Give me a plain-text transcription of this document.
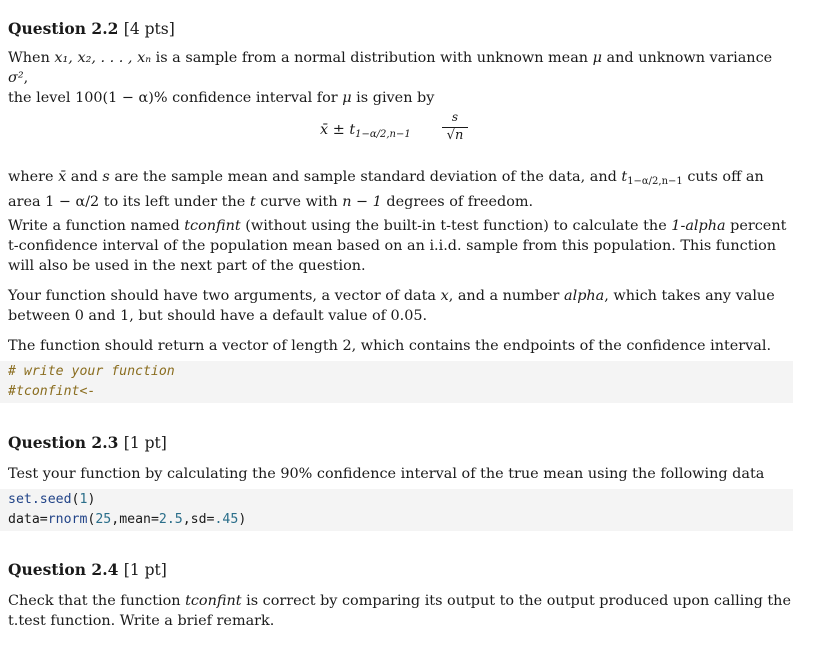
Question 2.2 [4 pts]

When x₁, x₂, . . . , xₙ is a sample from a normal distribution with unknown mean μ and unknown variance σ²,

the level 100(1 − α)% confidence interval for μ is given by

x̄ ± $t_{1-\alpha/2,n-1}$
s
√n

where x̄ and s are the sample mean and sample standard deviation of the data, and $t_{1-\alpha/2,n-1}$ cuts off an

area 1 − α/2 to its left under the t curve with n − 1 degrees of freedom.

Write a function named tconfint (without using the built-in t-test function) to calculate the 1-alpha percent

t-confidence interval of the population mean based on an i.i.d. sample from this population. This function

will also be used in the next part of the question.

Your function should have two arguments, a vector of data x, and a number alpha, which takes any value

between 0 and 1, but should have a default value of 0.05.

The function should return a vector of length 2, which contains the endpoints of the confidence interval.

# write your function
#tconfint<-
Question 2.3 [1 pt]

Test your function by calculating the 90% confidence interval of the true mean using the following data

set.seed(1)
data=rnorm(25,mean=2.5,sd=.45)
Question 2.4 [1 pt]

Check that the function tconfint is correct by comparing its output to the output produced upon calling the

t.test function. Write a brief remark.
